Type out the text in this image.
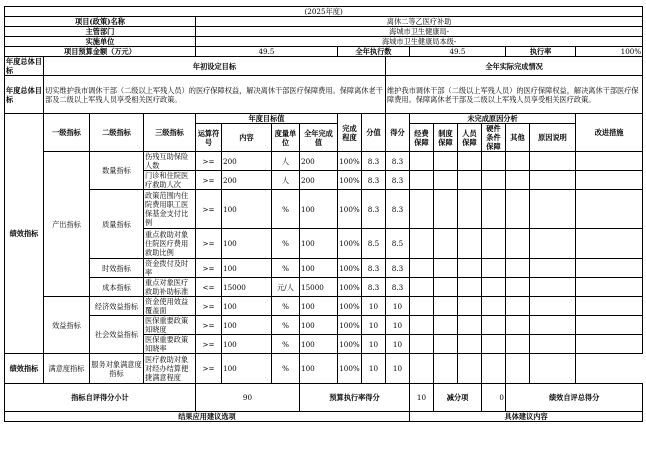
(2025年度)																		
项目(政策)名称				离休二等乙医疗补助														
主管部门				海城市卫生健康局-														
实施单位				海城市卫生健康局本级-														
项目预算金额（万元）				49.5				全年执行数			49.5				执行率		100%	
年度总体目标	年初设定目标									全年实际完成情况								
年度总体目标	切实维护我市调休干部（二级以上军残人员）的医疗保障权益，解决离休干部医疗保障费用。保障离休老干部及二级以上军残人员享受相关医疗政策。									维护我市调休干部（二级以上军残人员）的医疗保障权益，解决离休干部医疗保障费用。保障离休老干部及二级以上军残人员享受相关医疗政策。								
绩效指标	一级指标	二级指标	三级指标	年度目标值				完成程度	分值	得分	未完成原因分析						改进措施	
				运算符号	内容	度量单位	全年完成值				经费保障	制度保障	人员保障	硬件条件保障	其他	原因说明		
	产出指标	数量指标	伤残互助保险人数	>=	200	人	200	100%	8.3	8.3								
			门诊和住院医疗救助人次	>=	200	人	200	100%	8.3	8.3								
		质量指标	政策范围内住院费用职工医保基金支付比例	>=	100	%	100	100%	8.3	8.3								
			重点救助对象住院医疗费用救助比例	>=	100	%	100	100%	8.5	8.5								
		时效指标	资金拨付及时率	>=	100	%	100	100%	8.3	8.3								
		成本指标	重点对象医疗救助补助标准	<=	15000	元/人	15000	100%	8.3	8.3								
	效益指标	经济效益指标	资金使用效益覆盖面	>=	100	%	100	100%	10	10								
		社会效益指标	医保重要政策知晓度	>=	100	%	100	100%	10	10								
			医保重要政策知晓率	>=	100	%	100	100%	10	10								
绩效指标	满意度指标	服务对象满意度指标	医疗救助对象对经办结算便捷满意程度	>=	100	%	100	100%	10	10								
指标自评得分小计				90			预算执行率得分				10	减分项		0	绩效自评总得分	
结果应用建议选项											具体建议内容							
